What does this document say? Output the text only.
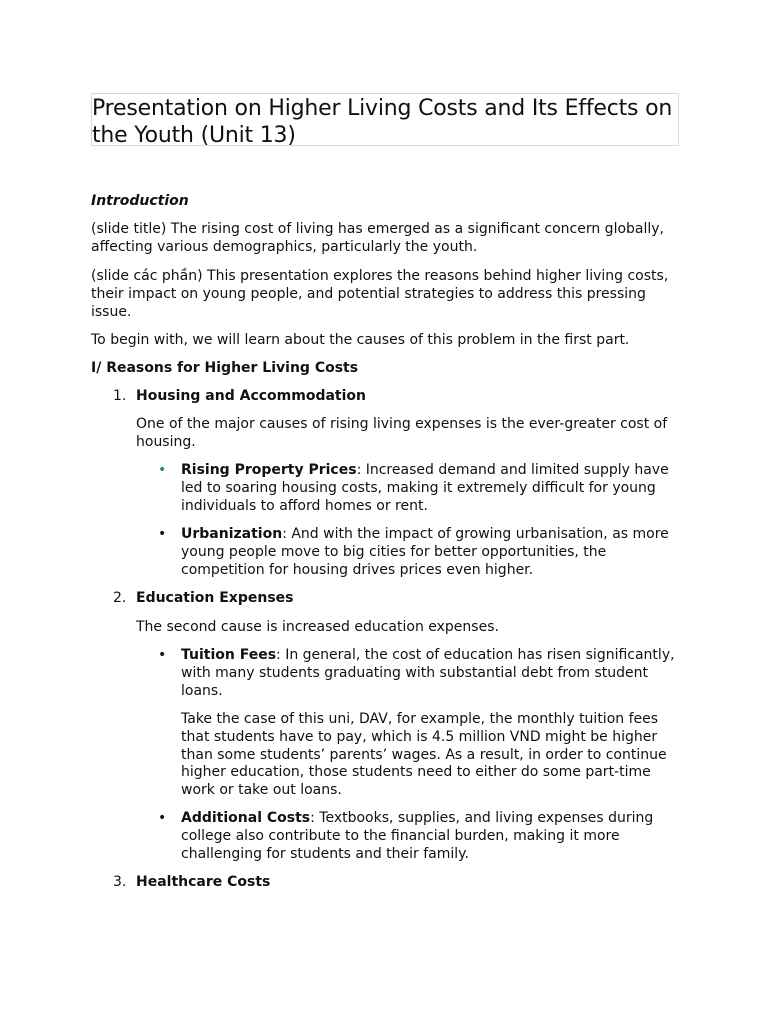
Presentation on Higher Living Costs and Its Effects on the Youth (Unit 13)

Introduction

(slide title) The rising cost of living has emerged as a significant concern globally, affecting various demographics, particularly the youth.

(slide các phần) This presentation explores the reasons behind higher living costs, their impact on young people, and potential strategies to address this pressing issue.

To begin with, we will learn about the causes of this problem in the first part.

I/ Reasons for Higher Living Costs

1. Housing and Accommodation

One of the major causes of rising living expenses is the ever-greater cost of housing.

• Rising Property Prices: Increased demand and limited supply have led to soaring housing costs, making it extremely difficult for young individuals to afford homes or rent.
• Urbanization: And with the impact of growing urbanisation, as more young people move to big cities for better opportunities, the competition for housing drives prices even higher.
2. Education Expenses

The second cause is increased education expenses.

• Tuition Fees: In general, the cost of education has risen significantly, with many students graduating with substantial debt from student loans.

Take the case of this uni, DAV, for example, the monthly tuition fees that students have to pay, which is 4.5 million VND might be higher than some students’ parents’ wages. As a result, in order to continue higher education, those students need to either do some part-time work or take out loans.

• Additional Costs: Textbooks, supplies, and living expenses during college also contribute to the financial burden, making it more challenging for students and their family.
3. Healthcare Costs
